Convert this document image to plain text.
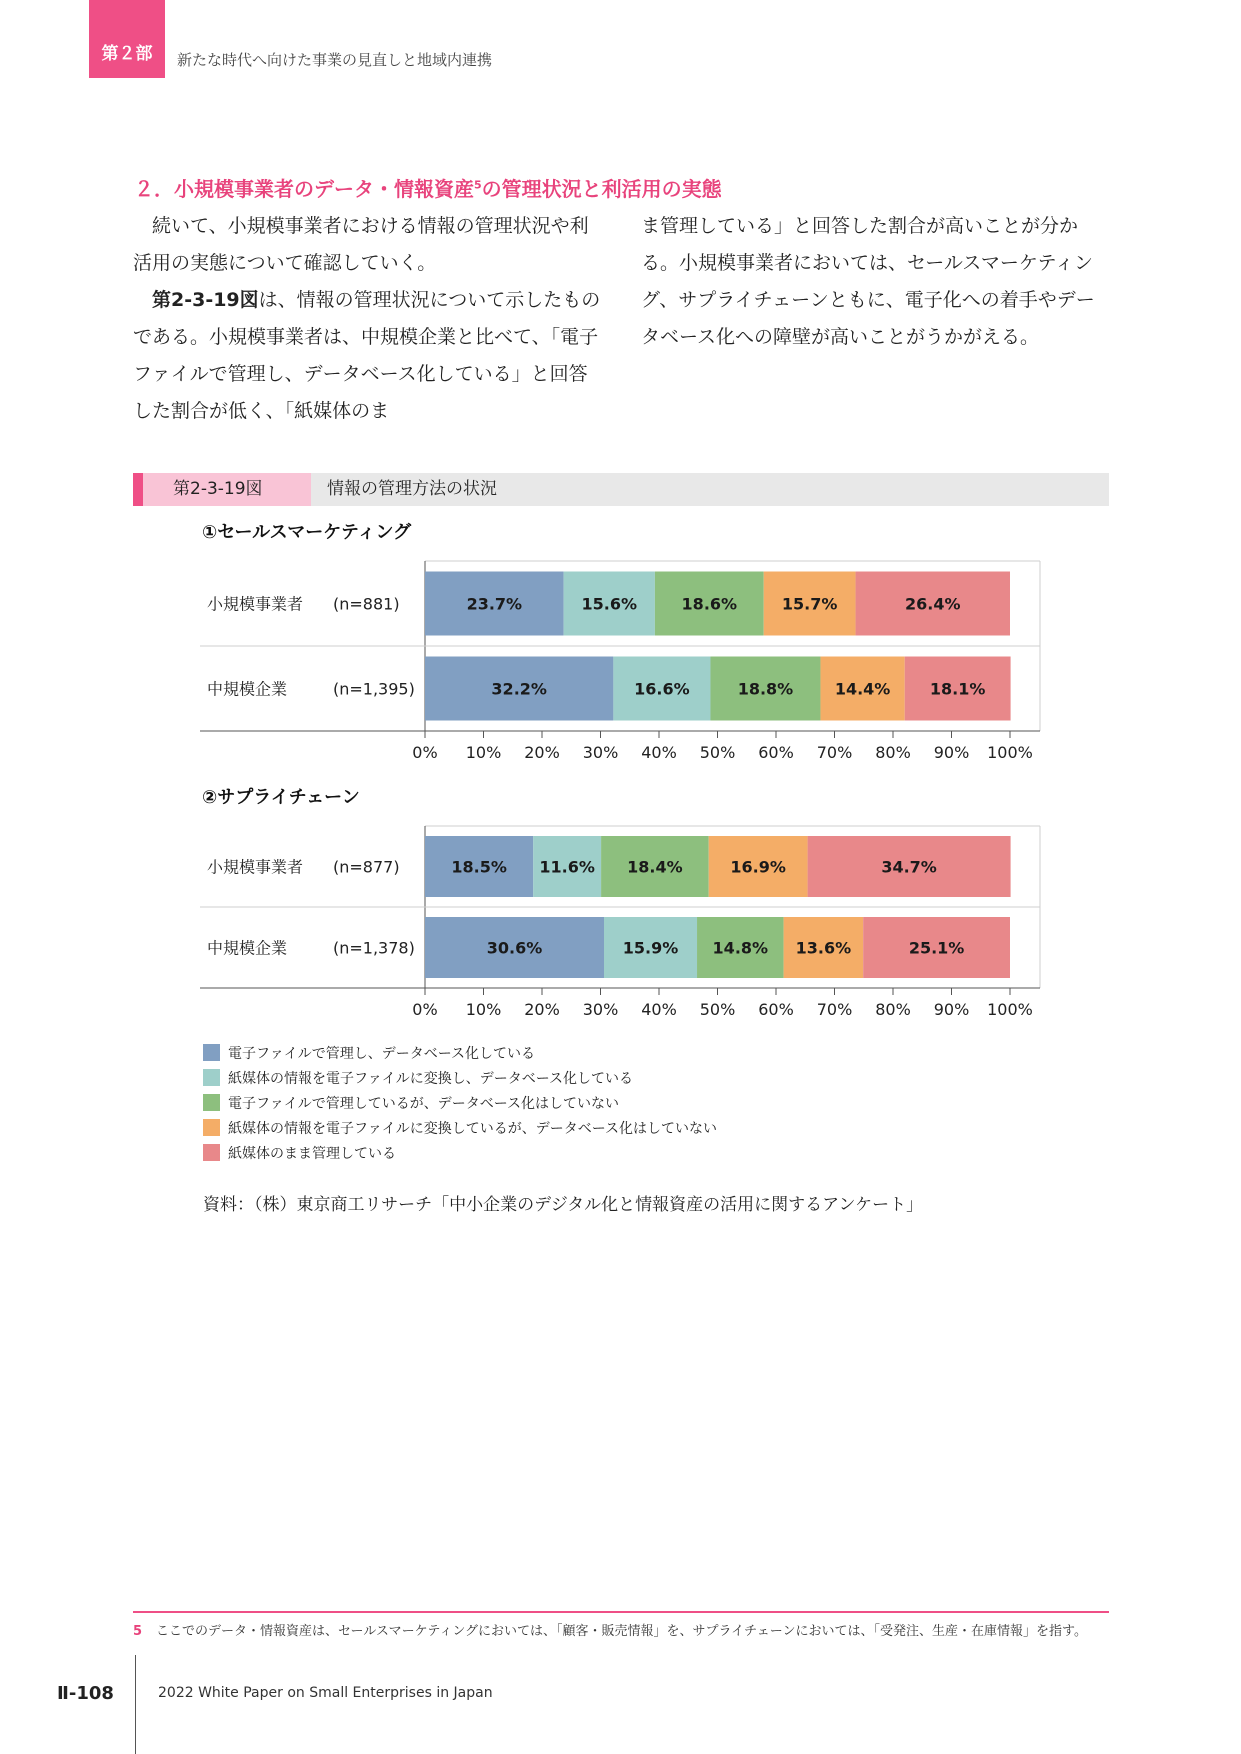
第２部 新たな時代へ向けた事業の見直しと地域内連携
２．小規模事業者のデータ・情報資産$^5$の管理状況と利活用の実態

続いて、小規模事業者における情報の管理状況や利活用の実態について確認していく。

第2-3-19図は、情報の管理状況について示したものである。小規模事業者は、中規模企業と比べて、「電子ファイルで管理し、データベース化している」と回答した割合が低く、「紙媒体のま

ま管理している」と回答した割合が高いことが分かる。小規模事業者においては、セールスマーケティング、サプライチェーンともに、電子化への着手やデータベース化への障壁が高いことがうかがえる。

第2-3-19図	情報の管理方法の状況
①セールスマーケティング
小規模事業者 (n=881)	23.7%	15.6%	18.6%	15.7%	26.4%
中規模企業	(n=1,395)	32.2%	16.6%	18.8%	14.4% 18.1%
0% 10% 20% 30% 40% 50% 60% 70% 80% 90% 100%
②サプライチェーン
小規模事業者 (n=877)	18.5% 11.6% 18.4%	16.9%	34.7%
中規模企業	(n=1,378)	30.6%	15.9% 14.8% 13.6%	25.1%
0% 10% 20% 30% 40% 50% 60% 70% 80% 90% 100%
電子ファイルで管理し、データベース化している
紙媒体の情報を電子ファイルに変換し、データベース化している
電子ファイルで管理しているが、データベース化はしていない
紙媒体の情報を電子ファイルに変換しているが、データベース化はしていない
紙媒体のまま管理している
資料：（株）東京商工リサーチ「中小企業のデジタル化と情報資産の活用に関するアンケート」
5 ここでのデータ・情報資産は、セールスマーケティングにおいては、「顧客・販売情報」を、サプライチェーンにおいては、「受発注、生産・在庫情報」を指す。
Ⅱ-108	2022 White Paper on Small Enterprises in Japan
